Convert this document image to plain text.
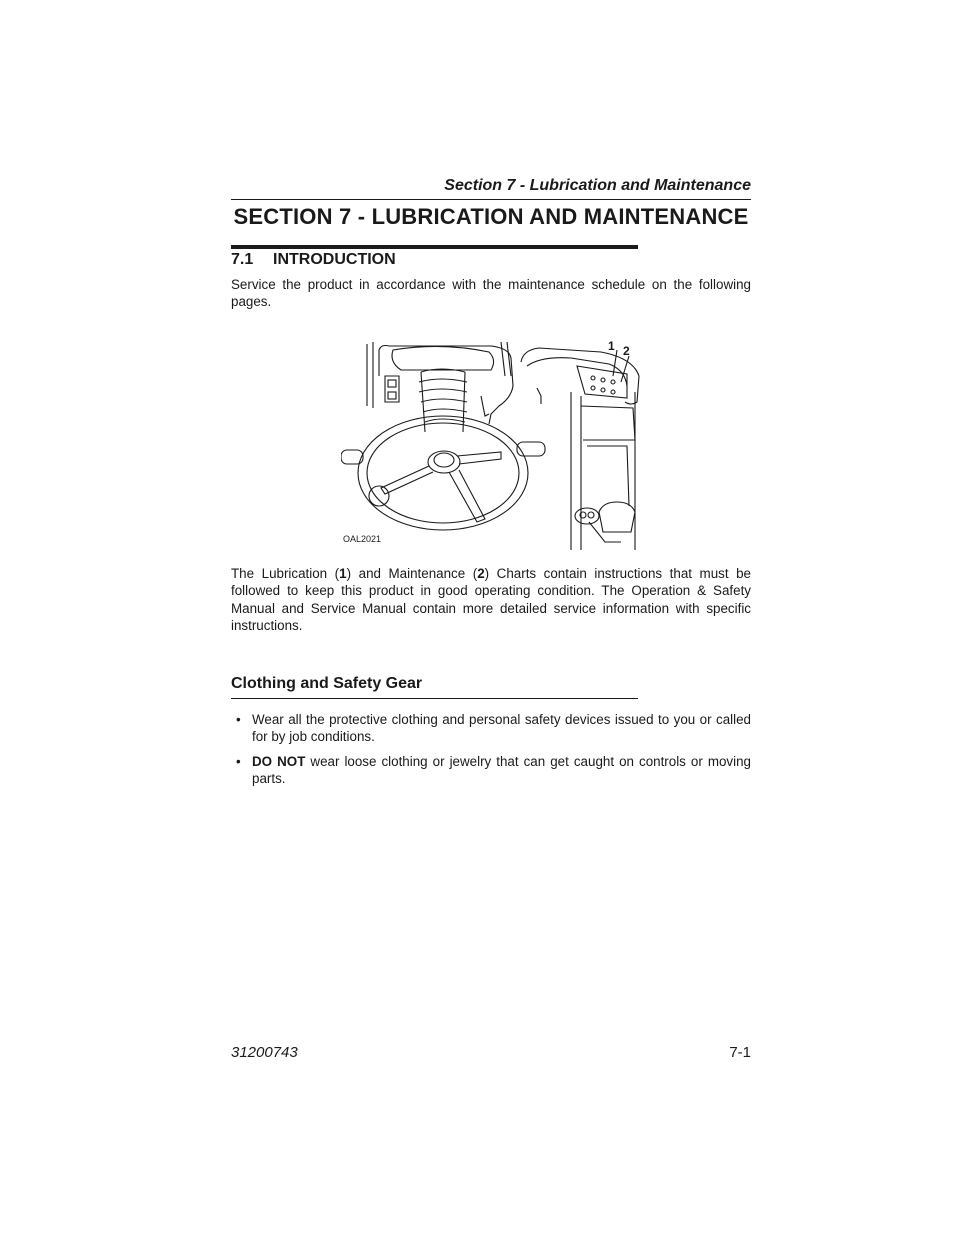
Section 7 - Lubrication and Maintenance
SECTION 7 - LUBRICATION AND MAINTENANCE
7.1 INTRODUCTION

Service the product in accordance with the maintenance schedule on the following pages.

1 2
OAL2021

The Lubrication (1) and Maintenance (2) Charts contain instructions that must be followed to keep this product in good operating condition. The Operation & Safety Manual and Service Manual contain more detailed service information with specific instructions.

Clothing and Safety Gear
• Wear all the protective clothing and personal safety devices issued to you or called for by job conditions.
• DO NOT wear loose clothing or jewelry that can get caught on controls or moving parts.
31200743	7-1
